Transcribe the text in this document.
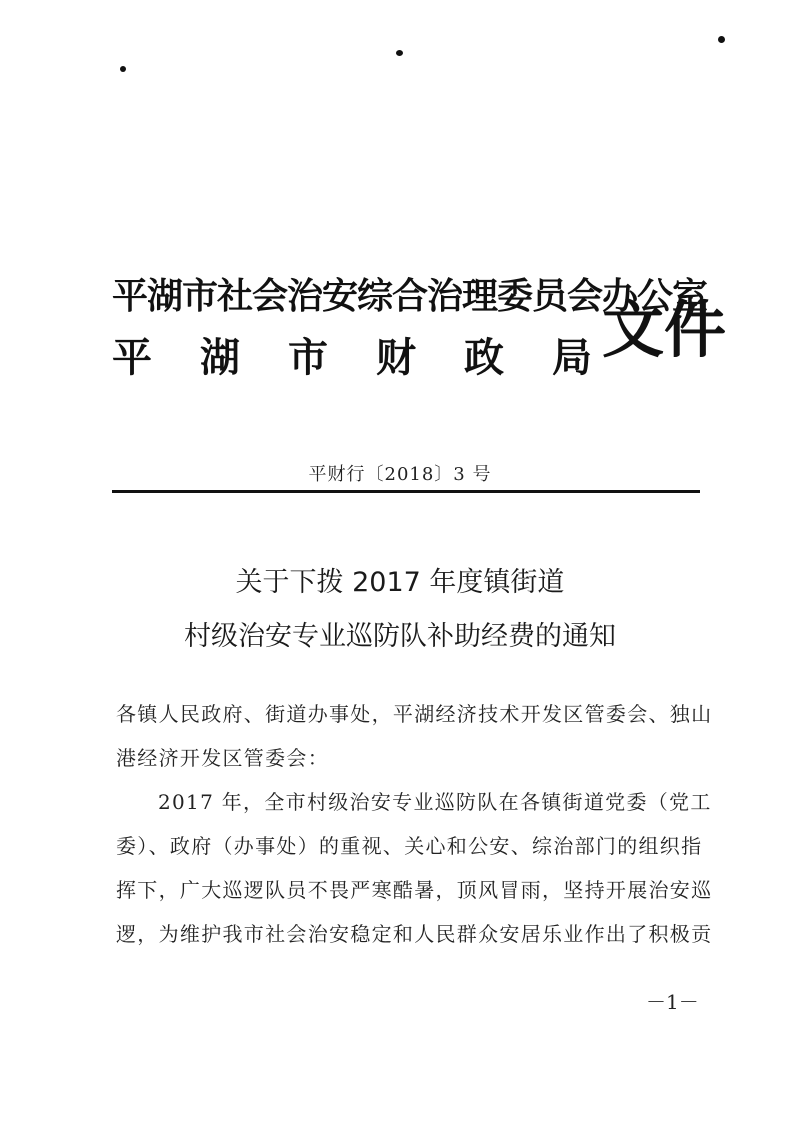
平湖市社会治安综合治理委员会办公室
平 湖 市 财 政 局 文件
平财行〔2018〕3 号
关于下拨 2017 年度镇街道
村级治安专业巡防队补助经费的通知
各镇人民政府、街道办事处，平湖经济技术开发区管委会、独山
港经济开发区管委会：
2017 年，全市村级治安专业巡防队在各镇街道党委（党工
委）、政府（办事处）的重视、关心和公安、综治部门的组织指
挥下，广大巡逻队员不畏严寒酷暑，顶风冒雨，坚持开展治安巡
逻，为维护我市社会治安稳定和人民群众安居乐业作出了积极贡
－1－
